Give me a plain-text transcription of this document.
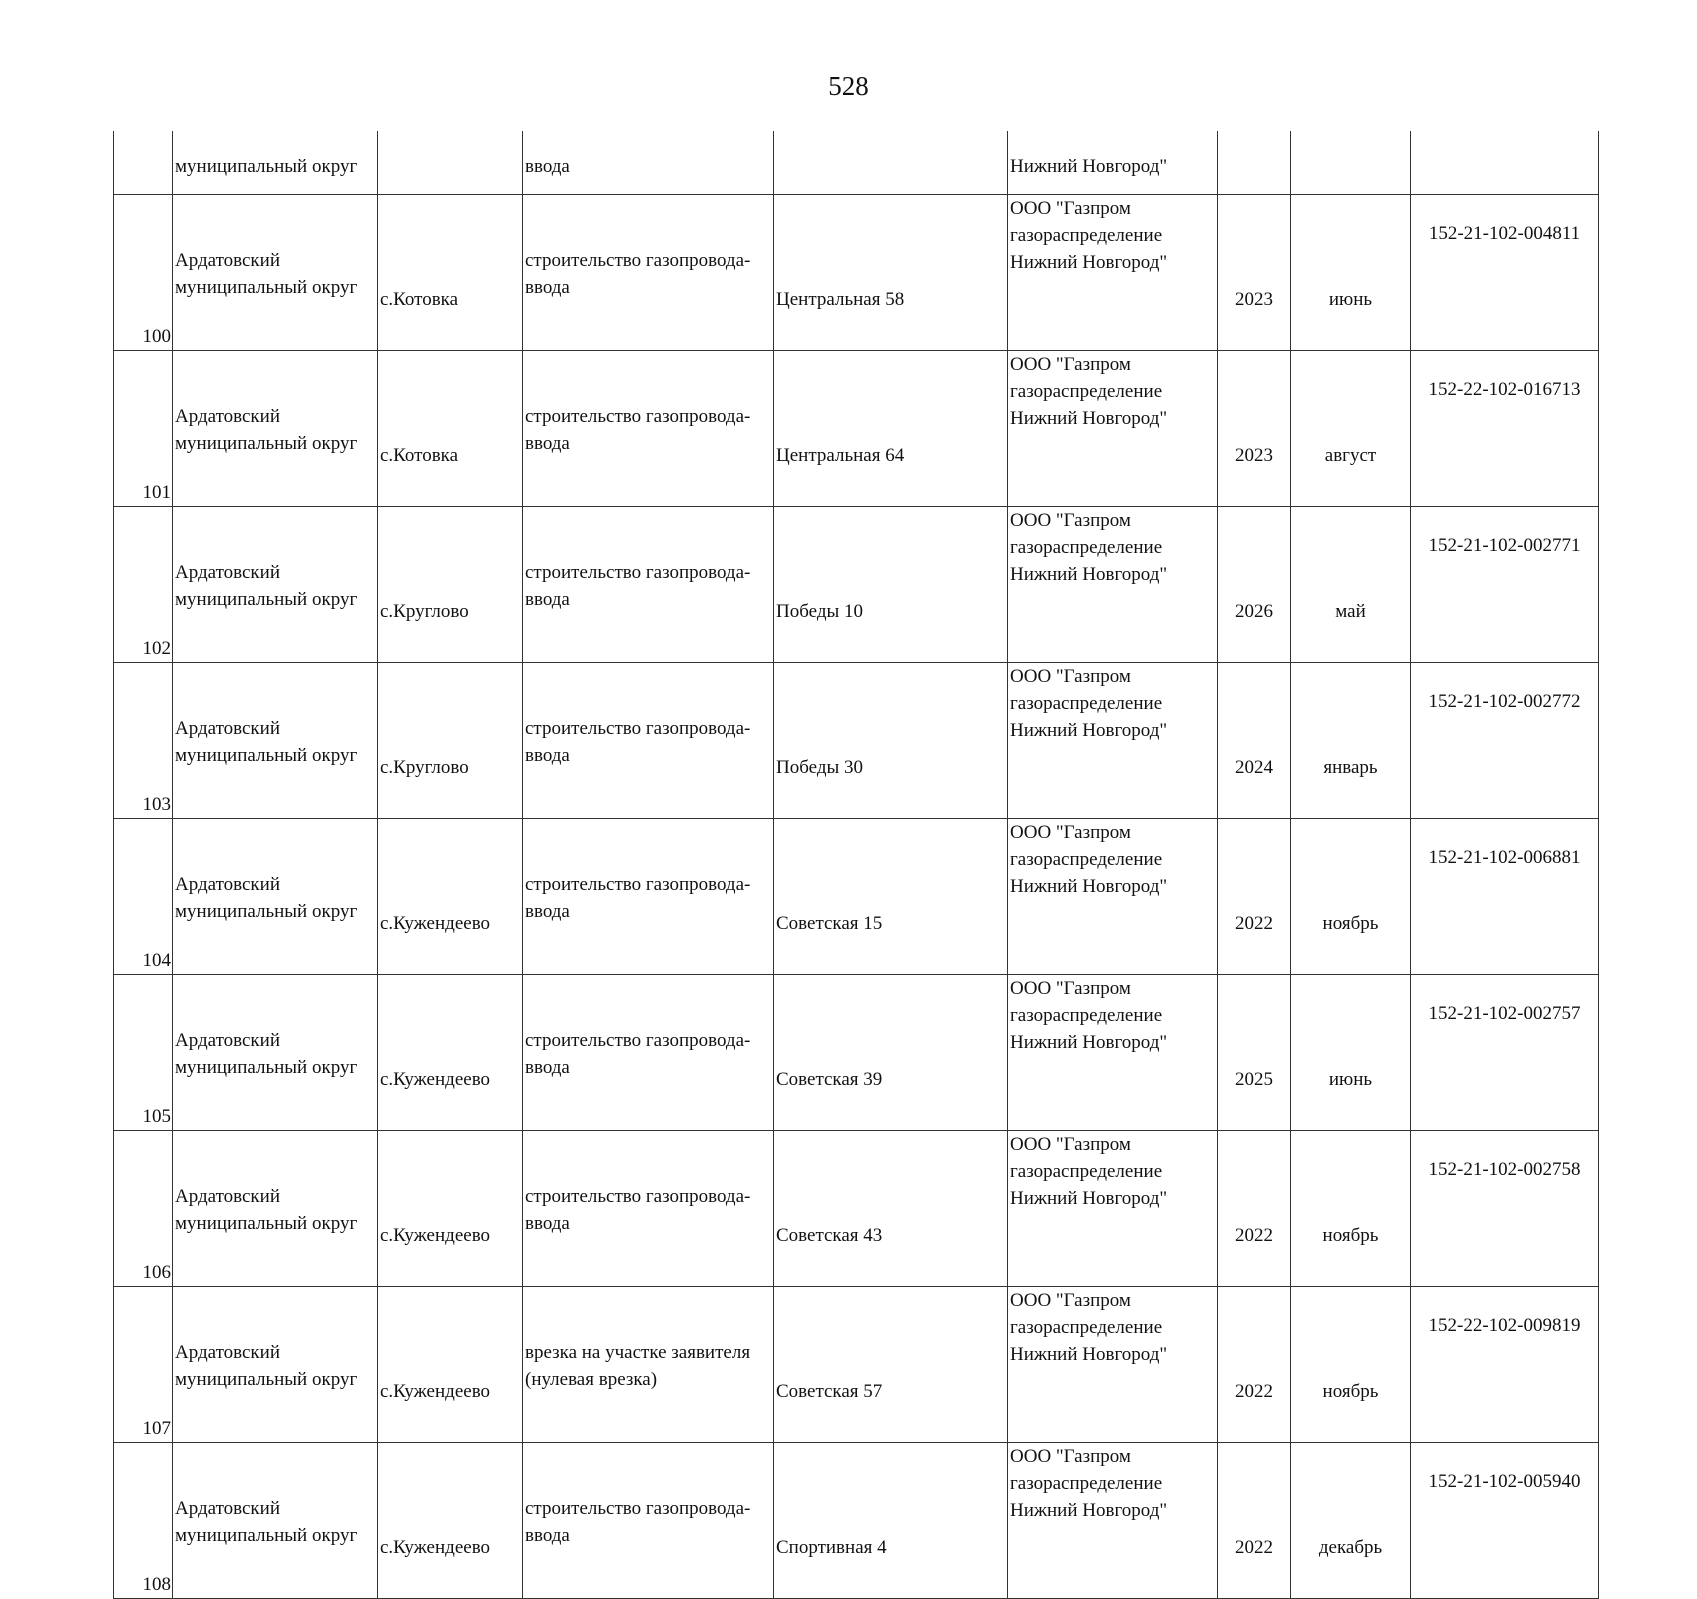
528
	муниципальный округ		ввода		Нижний Новгород"			
100	Ардатовский
муниципальный округ	с.Котовка	строительство газопровода-
ввода	Центральная 58	ООО "Газпром
газораспределение
Нижний Новгород"	2023	июнь	152-21-102-004811
101	Ардатовский
муниципальный округ	с.Котовка	строительство газопровода-
ввода	Центральная 64	ООО "Газпром
газораспределение
Нижний Новгород"	2023	август	152-22-102-016713
102	Ардатовский
муниципальный округ	с.Круглово	строительство газопровода-
ввода	Победы 10	ООО "Газпром
газораспределение
Нижний Новгород"	2026	май	152-21-102-002771
103	Ардатовский
муниципальный округ	с.Круглово	строительство газопровода-
ввода	Победы 30	ООО "Газпром
газораспределение
Нижний Новгород"	2024	январь	152-21-102-002772
104	Ардатовский
муниципальный округ	с.Кужендеево	строительство газопровода-
ввода	Советская 15	ООО "Газпром
газораспределение
Нижний Новгород"	2022	ноябрь	152-21-102-006881
105	Ардатовский
муниципальный округ	с.Кужендеево	строительство газопровода-
ввода	Советская 39	ООО "Газпром
газораспределение
Нижний Новгород"	2025	июнь	152-21-102-002757
106	Ардатовский
муниципальный округ	с.Кужендеево	строительство газопровода-
ввода	Советская 43	ООО "Газпром
газораспределение
Нижний Новгород"	2022	ноябрь	152-21-102-002758
107	Ардатовский
муниципальный округ	с.Кужендеево	врезка на участке заявителя
(нулевая врезка)	Советская 57	ООО "Газпром
газораспределение
Нижний Новгород"	2022	ноябрь	152-22-102-009819
108	Ардатовский
муниципальный округ	с.Кужендеево	строительство газопровода-
ввода	Спортивная 4	ООО "Газпром
газораспределение
Нижний Новгород"	2022	декабрь	152-21-102-005940
